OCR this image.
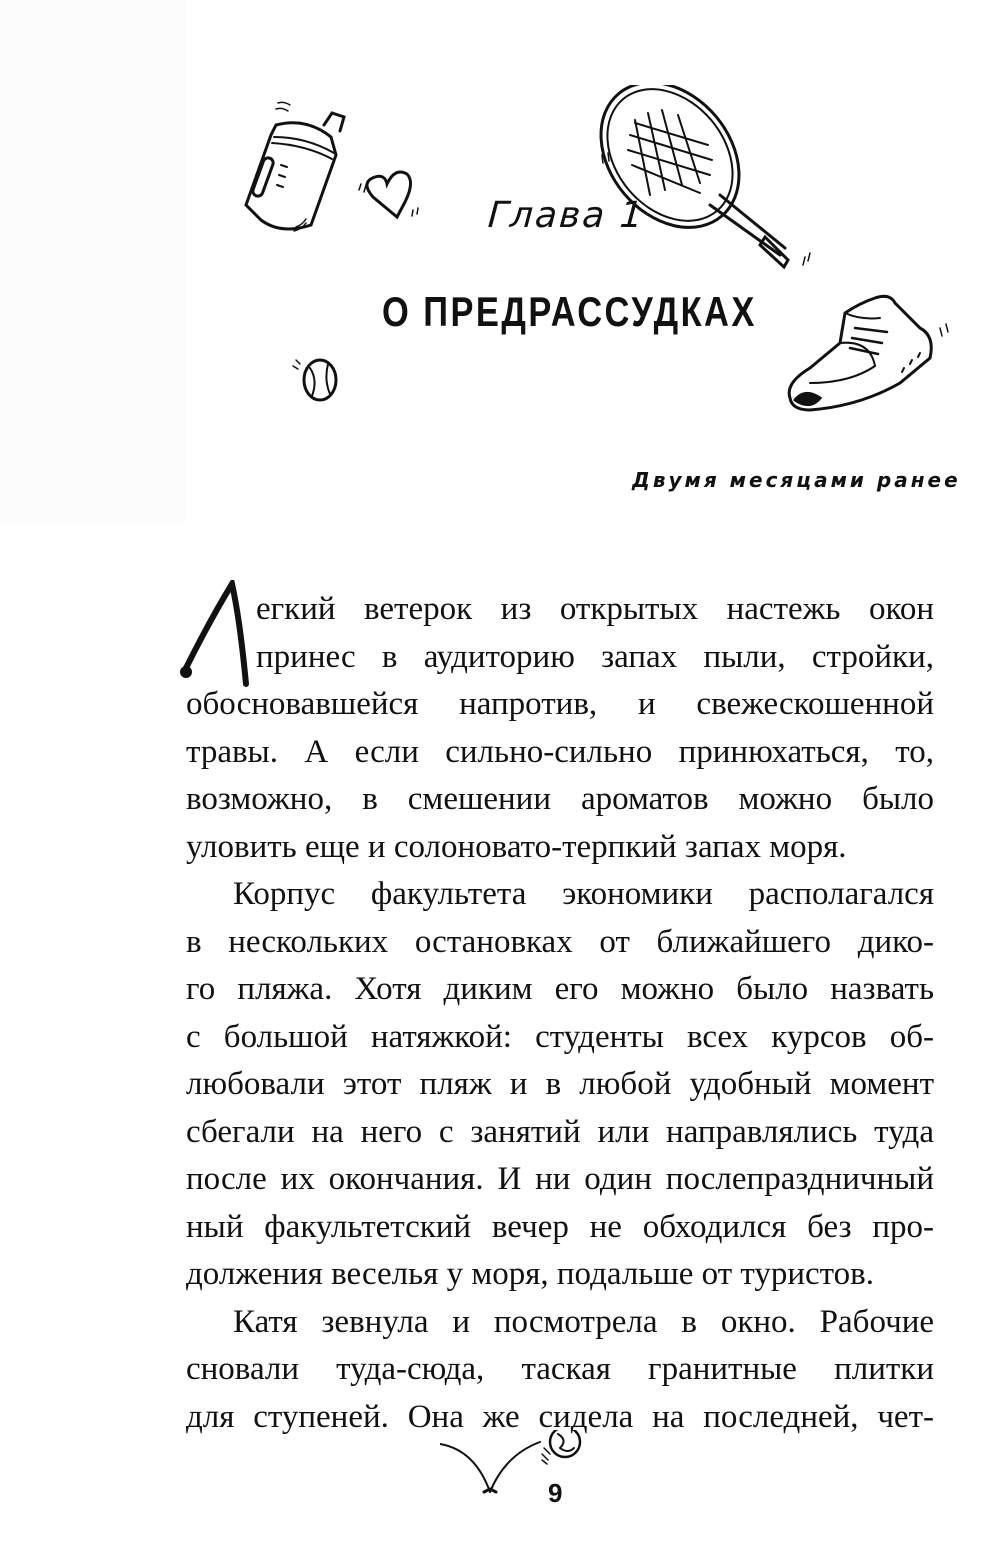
Глава 1
О ПРЕДРАССУДКАХ
Двумя месяцами ранее
егкий ветерок из открытых настежь окон
принес в аудиторию запах пыли, стройки,
обосновавшейся напротив, и свежескошенной
травы. А если сильно-сильно принюхаться, то,
возможно, в смешении ароматов можно было
уловить еще и солоновато-терпкий запах моря.
Корпус факультета экономики располагался
в нескольких остановках от ближайшего дико-
го пляжа. Хотя диким его можно было назвать
с большой натяжкой: студенты всех курсов об-
любовали этот пляж и в любой удобный момент
сбегали на него с занятий или направлялись туда
после их окончания. И ни один послепраздничный
ный факультетский вечер не обходился без про-
должения веселья у моря, подальше от туристов.
Катя зевнула и посмотрела в окно. Рабочие
сновали туда-сюда, таская гранитные плитки
для ступеней. Она же сидела на последней, чет-
9
